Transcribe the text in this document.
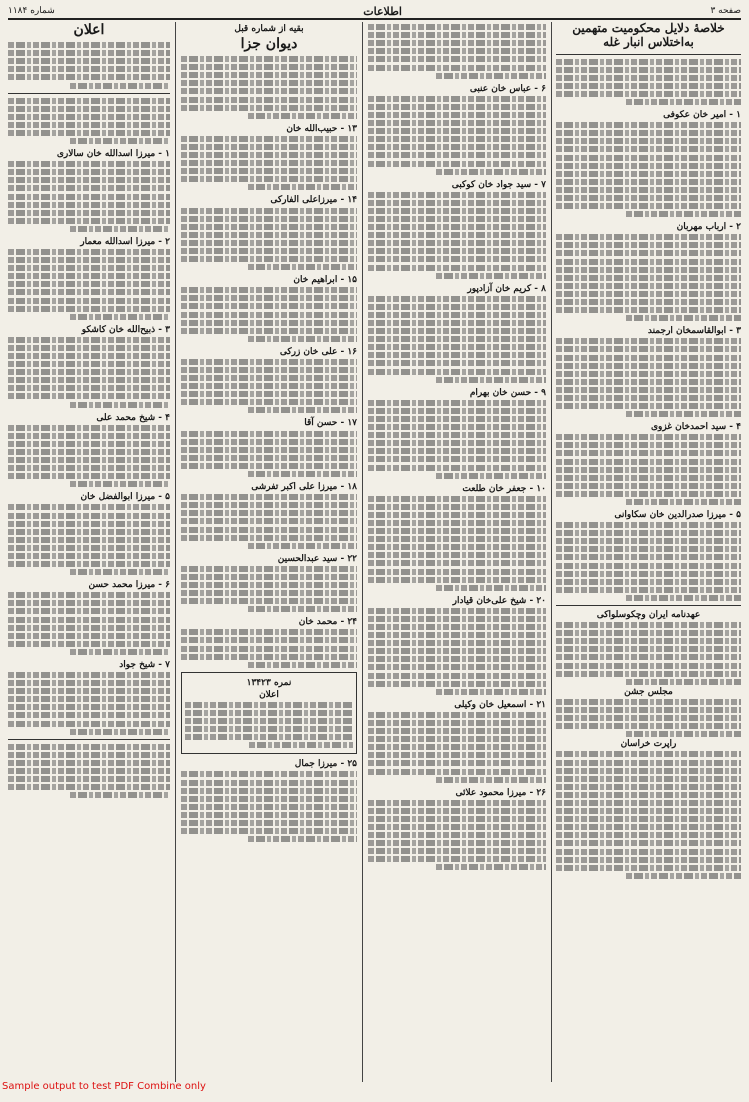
شماره ۱۱۸۴	اطلاعات	صفحه ۳
خلاصهٔ دلایل محکومیت متهمین به‌اختلاس انبار غله
۱ - امیر خان عکوفی
۲ - ارباب مهربان
۳ - ابوالقاسمخان ارجمند
۴ - سید احمدخان غزوی
۵ - میرزا صدرالدین خان سکاوانی
عهدنامه ایران وچکوسلواکی
مجلس جشن
راپرت خراسان
۶ - عباس خان عنبی
۷ - سید جواد خان کوکبی
۸ - کریم خان آزادپور
۹ - حسن خان بهرام
۱۰ - جعفر خان طلعت
۲۰ - شیخ علی‌خان قیادار
۲۱ - اسمعیل خان وکیلی
۲۶ - میرزا محمود علائی
بقیه از شماره قبل
دیوان جزا
۱۳ - حبیب‌الله خان
۱۴ - میرزاعلی الفارکی
۱۵ - ابراهیم خان
۱۶ - علی خان زرکی
۱۷ - حسن آقا
۱۸ - میرزا علی اکبر تفرشی
۲۲ - سید عبدالحسین
۲۴ - محمد خان
نمره ۱۳۴۲۳
اعلان
۲۵ - میرزا جمال
اعلان
۱ - میرزا اسدالله خان سالاری
۲ - میرزا اسدالله معمار
۳ - ذبیح‌الله خان کاشکو
۴ - شیخ محمد علی
۵ - میرزا ابوالفضل خان
۶ - میرزا محمد حسن
۷ - شیخ جواد
Sample output to test PDF Combine only
